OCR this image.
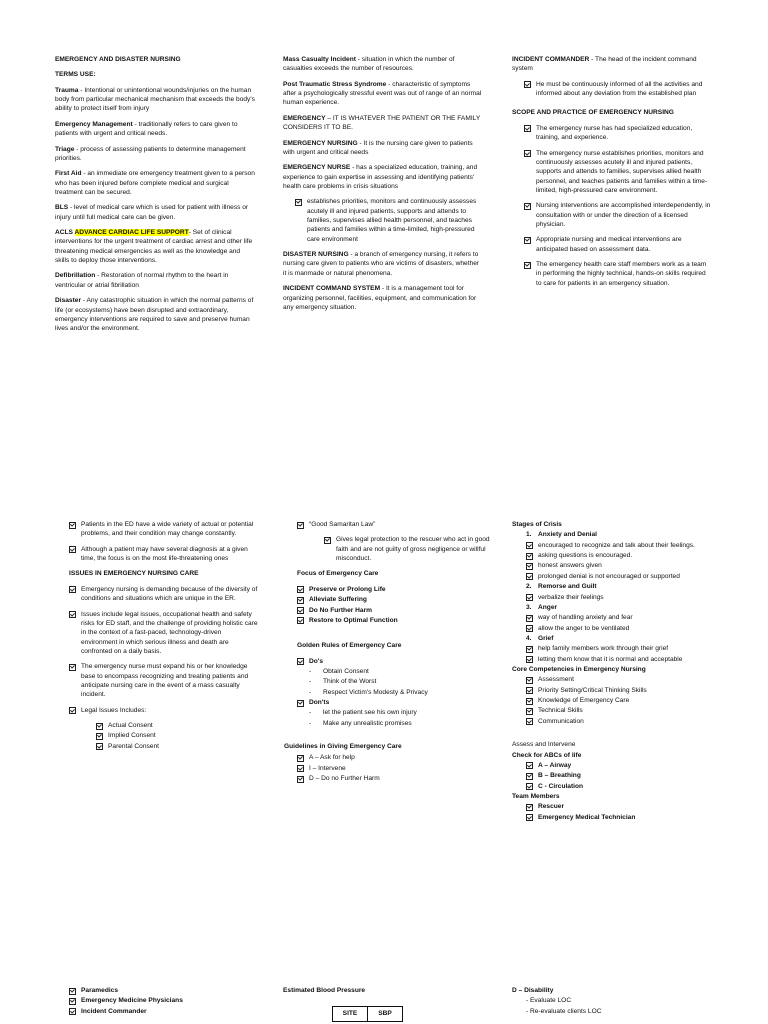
EMERGENCY AND DISASTER NURSING

TERMS USE:

Trauma - Intentional or unintentional wounds/injuries on the human body from particular mechanical mechanism that exceeds the body's ability to protect itself from injury

Emergency Management - traditionally refers to care given to patients with urgent and critical needs.

Triage - process of assessing patients to determine management priorities.

First Aid - an immediate ore emergency treatment given to a person who has been injured before complete medical and surgical treatment can be secured.

BLS - level of medical care which is used for patient with illness or injury until full medical care can be given.

ACLS ADVANCE CARDIAC LIFE SUPPORT- Set of clinical interventions for the urgent treatment of cardiac arrest and other life threatening medical emergencies as well as the knowledge and skills to deploy those interventions.

Defibrillation - Restoration of normal rhythm to the heart in ventricular or atrial fibrillation

Disaster - Any catastrophic situation in which the normal patterns of life (or ecosystems) have been disrupted and extraordinary, emergency interventions are required to save and preserve human lives and/or the environment.

Mass Casualty Incident - situation in which the number of casualties exceeds the number of resources.

Post Traumatic Stress Syndrome - characteristic of symptoms after a psychologically stressful event was out of range of an normal human experience.

EMERGENCY – IT IS WHATEVER THE PATIENT OR THE FAMILY CONSIDERS IT TO BE.

EMERGENCY NURSING - It is the nursing care given to patients with urgent and critical needs

EMERGENCY NURSE - has a specialized education, training, and experience to gain expertise in assessing and identifying patients' health care problems in crisis situations

establishes priorities, monitors and continuously assesses acutely ill and injured patients, supports and attends to families, supervises allied health personnel, and teaches patients and families within a time-limited, high-pressured care environment

DISASTER NURSING - a branch of emergency nursing, it refers to nursing care given to patients who are victims of disasters, whether it is manmade or natural phenomena.

INCIDENT COMMAND SYSTEM - It is a management tool for organizing personnel, facilities, equipment, and communication for any emergency situation.

INCIDENT COMMANDER - The head of the incident command system

He must be continuously informed of all the activities and informed about any deviation from the established plan

SCOPE AND PRACTICE OF EMERGENCY NURSING

The emergency nurse has had specialized education, training, and experience.
The emergency nurse establishes priorities, monitors and continuously assesses acutely ill and injured patients, supports and attends to families, supervises allied health personnel, and teaches patients and families within a time-limited, high-pressured care environment.
Nursing interventions are accomplished interdependently, in consultation with or under the direction of a licensed physician.
Appropriate nursing and medical interventions are anticipated based on assessment data.
The emergency health care staff members work as a team in performing the highly technical, hands-on skills required to care for patients in an emergency situation.
Patients in the ED have a wide variety of actual or potential problems, and their condition may change constantly.
Although a patient may have several diagnosis at a given time, the focus is on the most life-threatening ones

ISSUES IN EMERGENCY NURSING CARE

Emergency nursing is demanding because of the diversity of conditions and situations which are unique in the ER.
Issues include legal issues, occupational health and safety risks for ED staff, and the challenge of providing holistic care in the context of a fast-paced, technology-driven environment in which serious illness and death are confronted on a daily basis.
The emergency nurse must expand his or her knowledge base to encompass recognizing and treating patients and anticipate nursing care in the event of a mass casualty incident.
Legal Issues Includes:
Actual Consent
Implied Consent
Parental Consent
“Good Samaritan Law”
Gives legal protection to the rescuer who act in good faith and are not guilty of gross negligence or willful misconduct.

Focus of Emergency Care

Preserve or Prolong Life
Alleviate Suffering
Do No Further Harm
Restore to Optimal Function

Golden Rules of Emergency Care

Do's
-	Obtain Consent
-	Think of the Worst
-	Respect Victim's Modesty & Privacy
Don'ts
-	let the patient see his own injury
-	Make any unrealistic promises

Guidelines in Giving Emergency Care

A – Ask for help
I – Intervene
D – Do no Further Harm

Stages of Crisis

1. Anxiety and Denial
encouraged to recognize and talk about their feelings.
asking questions is encouraged.
honest answers given
prolonged denial is not encouraged or supported
2. Remorse and Guilt
verbalize their feelings
3. Anger
way of handling anxiety and fear
allow the anger to be ventilated
4. Grief
help family members work through their grief
letting them know that it is normal and acceptable

Core Competencies in Emergency Nursing

Assessment
Priority Setting/Critical Thinking Skills
Knowledge of Emergency Care
Technical Skills
Communication

Assess and Intervene

Check for ABCs of life

A – Airway
B – Breathing
C - Circulation

Team Members

Rescuer
Emergency Medical Technician
Paramedics
Emergency Medicine Physicians
Incident Commander

Estimated Blood Pressure

SITE	SBP

D – Disability

- Evaluate LOC
- Re-evaluate clients LOC
